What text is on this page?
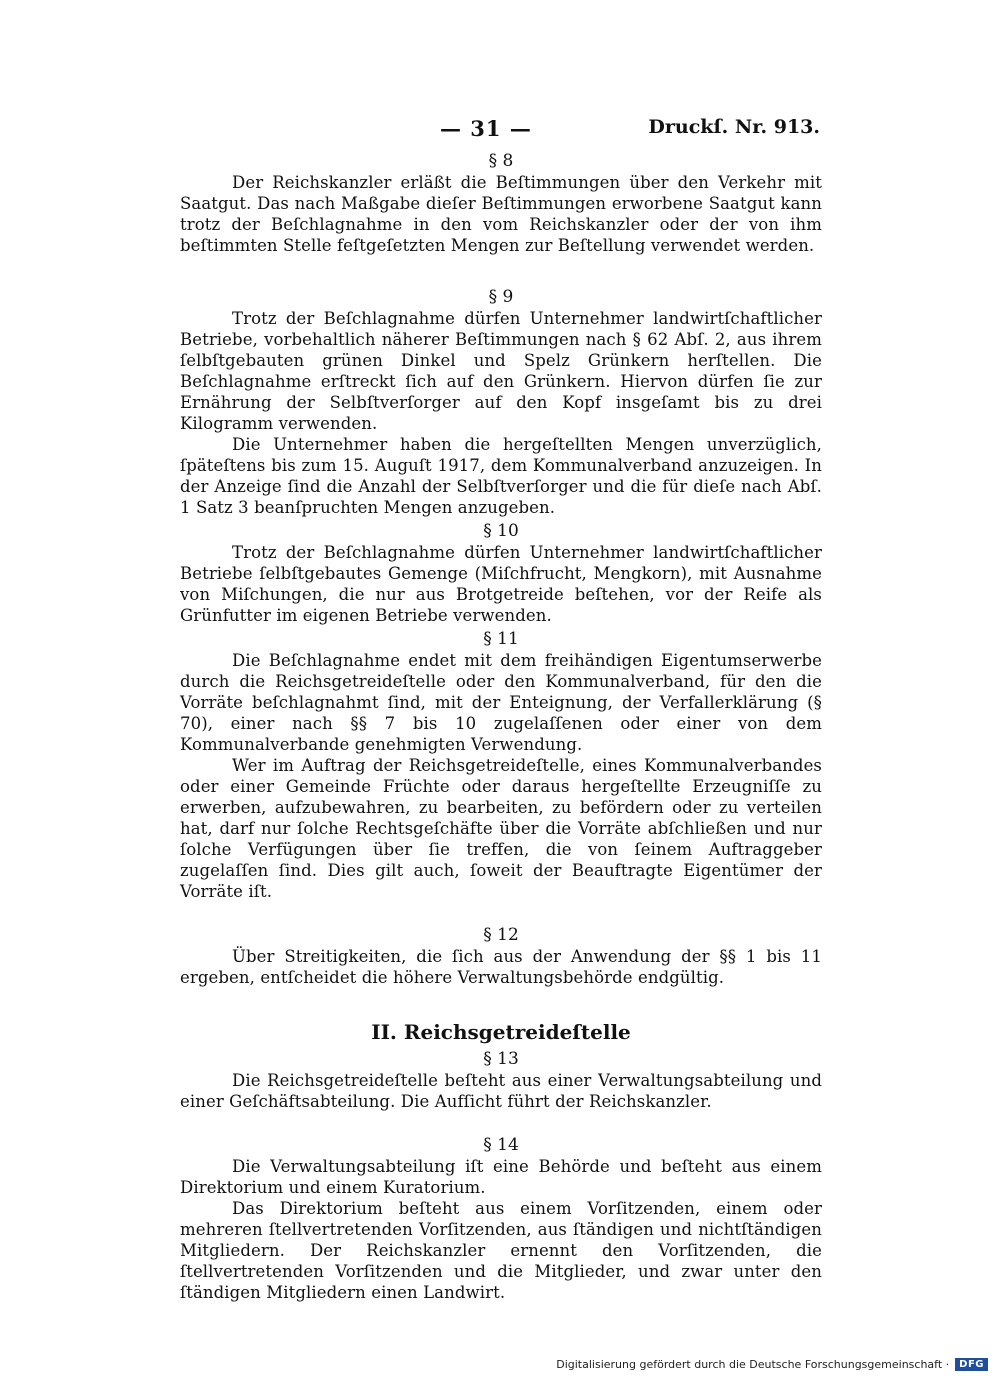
— 31 —	Druckſ. Nr. 913.
§ 8

Der Reichskanzler erläßt die Beſtimmungen über den Verkehr mit Saatgut. Das nach Maßgabe dieſer Beſtimmungen erworbene Saatgut kann trotz der Beſchlagnahme in den vom Reichskanzler oder der von ihm beſtimmten Stelle feſtgeſetzten Mengen zur Beſtellung verwendet werden.

§ 9

Trotz der Beſchlagnahme dürfen Unternehmer landwirtſchaftlicher Betriebe, vorbehaltlich näherer Beſtimmungen nach § 62 Abſ. 2, aus ihrem ſelbſtgebauten grünen Dinkel und Spelz Grünkern herſtellen. Die Beſchlagnahme erſtreckt ſich auf den Grünkern. Hiervon dürfen ſie zur Ernährung der Selbſtverſorger auf den Kopf insgeſamt bis zu drei Kilogramm verwenden.

Die Unternehmer haben die hergeſtellten Mengen unverzüglich, ſpäteſtens bis zum 15. Auguſt 1917, dem Kommunalverband anzuzeigen. In der Anzeige ſind die Anzahl der Selbſtverſorger und die für dieſe nach Abſ. 1 Satz 3 beanſpruchten Mengen anzugeben.

§ 10

Trotz der Beſchlagnahme dürfen Unternehmer landwirtſchaftlicher Betriebe ſelbſtgebautes Gemenge (Miſchfrucht, Mengkorn), mit Ausnahme von Miſchungen, die nur aus Brotgetreide beſtehen, vor der Reife als Grünfutter im eigenen Betriebe verwenden.

§ 11

Die Beſchlagnahme endet mit dem freihändigen Eigentumserwerbe durch die Reichsgetreideſtelle oder den Kommunalverband, für den die Vorräte beſchlagnahmt ſind, mit der Enteignung, der Verfallerklärung (§ 70), einer nach §§ 7 bis 10 zugelaſſenen oder einer von dem Kommunalverbande genehmigten Verwendung.

Wer im Auftrag der Reichsgetreideſtelle, eines Kommunalverbandes oder einer Gemeinde Früchte oder daraus hergeſtellte Erzeugniſſe zu erwerben, aufzubewahren, zu bearbeiten, zu befördern oder zu verteilen hat, darf nur ſolche Rechtsgeſchäfte über die Vorräte abſchließen und nur ſolche Verfügungen über ſie treffen, die von ſeinem Auftraggeber zugelaſſen ſind. Dies gilt auch, ſoweit der Beauftragte Eigentümer der Vorräte iſt.

§ 12

Über Streitigkeiten, die ſich aus der Anwendung der §§ 1 bis 11 ergeben, entſcheidet die höhere Verwaltungsbehörde endgültig.

II. Reichsgetreideſtelle
§ 13

Die Reichsgetreideſtelle beſteht aus einer Verwaltungsabteilung und einer Geſchäftsabteilung. Die Aufſicht führt der Reichskanzler.

§ 14

Die Verwaltungsabteilung iſt eine Behörde und beſteht aus einem Direktorium und einem Kuratorium.

Das Direktorium beſteht aus einem Vorſitzenden, einem oder mehreren ſtellvertretenden Vorſitzenden, aus ſtändigen und nichtſtändigen Mitgliedern. Der Reichskanzler ernennt den Vorſitzenden, die ſtellvertretenden Vorſitzenden und die Mitglieder, und zwar unter den ſtändigen Mitgliedern einen Landwirt.

Digitalisierung gefördert durch die Deutsche Forschungsgemeinschaft ·	DFG
